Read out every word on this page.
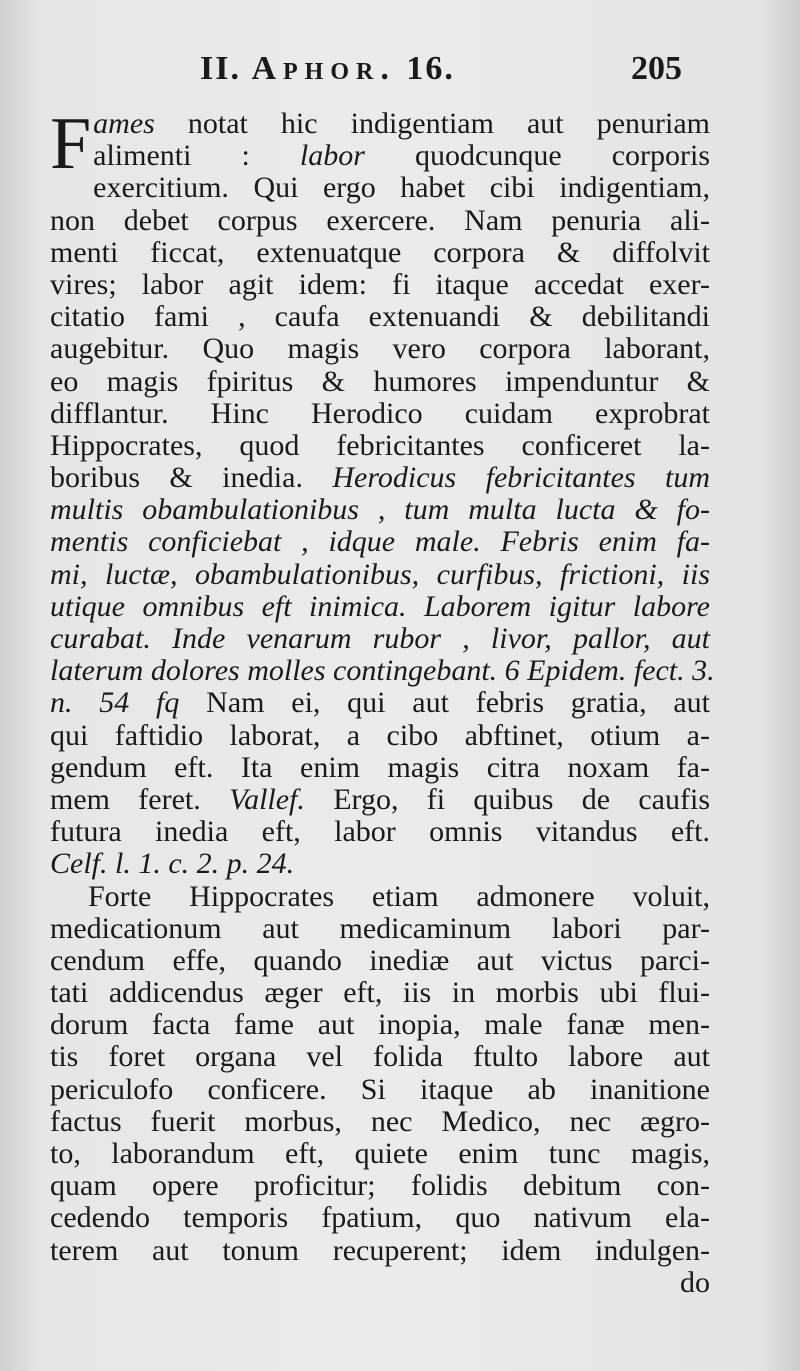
II. Aphor. 16.	205
F ames notat hic indigentiam aut penuriam
alimenti : labor quodcunque corporis
exercitium. Qui ergo habet cibi indigentiam,
non debet corpus exercere. Nam penuria ali-
menti ficcat, extenuatque corpora & diffolvit
vires; labor agit idem: fi itaque accedat exer-
citatio fami , caufa extenuandi & debilitandi
augebitur. Quo magis vero corpora laborant,
eo magis fpiritus & humores impenduntur &
difflantur. Hinc Herodico cuidam exprobrat
Hippocrates, quod febricitantes conficeret la-
boribus & inedia. Herodicus febricitantes tum
multis obambulationibus , tum multa lucta & fo-
mentis conficiebat , idque male. Febris enim fa-
mi, luctæ, obambulationibus, curfibus, frictioni, iis
utique omnibus eft inimica. Laborem igitur labore
curabat. Inde venarum rubor , livor, pallor, aut
laterum dolores molles contingebant. 6 Epidem. fect. 3.
n. 54 fq Nam ei, qui aut febris gratia, aut
qui faftidio laborat, a cibo abftinet, otium a-
gendum eft. Ita enim magis citra noxam fa-
mem feret. Vallef. Ergo, fi quibus de caufis
futura inedia eft, labor omnis vitandus eft.
Celf. l. 1. c. 2. p. 24.
Forte Hippocrates etiam admonere voluit,
medicationum aut medicaminum labori par-
cendum effe, quando inediæ aut victus parci-
tati addicendus æger eft, iis in morbis ubi flui-
dorum facta fame aut inopia, male fanæ men-
tis foret organa vel folida ftulto labore aut
periculofo conficere. Si itaque ab inanitione
factus fuerit morbus, nec Medico, nec ægro-
to, laborandum eft, quiete enim tunc magis,
quam opere proficitur; folidis debitum con-
cedendo temporis fpatium, quo nativum ela-
terem aut tonum recuperent; idem indulgen-
do
